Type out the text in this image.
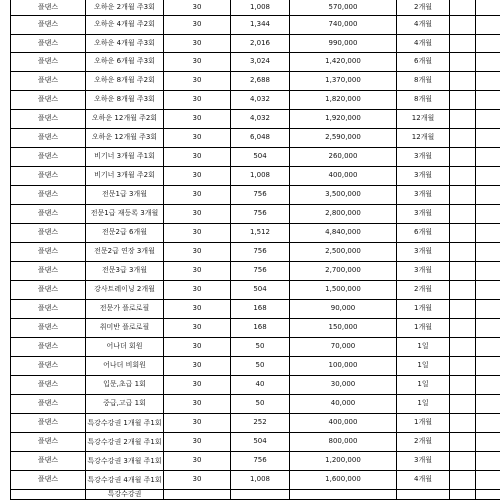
플댄스	오하운 2개월 주3회	30	1,008	570,000	2개월		
플댄스	오하운 4개월 주2회	30	1,344	740,000	4개월		
플댄스	오하운 4개월 주3회	30	2,016	990,000	4개월		
플댄스	오하운 6개월 주3회	30	3,024	1,420,000	6개월		
플댄스	오하운 8개월 주2회	30	2,688	1,370,000	8개월		
플댄스	오하운 8개월 주3회	30	4,032	1,820,000	8개월		
플댄스	오하운 12개월 주2회	30	4,032	1,920,000	12개월		
플댄스	오하운 12개월 주3회	30	6,048	2,590,000	12개월		
플댄스	비기너 3개월 주1회	30	504	260,000	3개월		
플댄스	비기너 3개월 주2회	30	1,008	400,000	3개월		
플댄스	전문1급 3개월	30	756	3,500,000	3개월		
플댄스	전문1급 재등록 3개월	30	756	2,800,000	3개월		
플댄스	전문2급 6개월	30	1,512	4,840,000	6개월		
플댄스	전문2급 연장 3개월	30	756	2,500,000	3개월		
플댄스	전문3급 3개월	30	756	2,700,000	3개월		
플댄스	강사트레이닝 2개월	30	504	1,500,000	2개월		
플댄스	전문가 플로로필	30	168	90,000	1개월		
플댄스	취미반 플로로필	30	168	150,000	1개월		
플댄스	어나더 회원	30	50	70,000	1일		
플댄스	어나더 비회원	30	50	100,000	1일		
플댄스	입문,초급 1회	30	40	30,000	1일		
플댄스	중급,고급 1회	30	50	40,000	1일		
플댄스	특강수강권 1개월 주1회	30	252	400,000	1개월		
플댄스	특강수강권 2개월 주1회	30	504	800,000	2개월		
플댄스	특강수강권 3개월 주1회	30	756	1,200,000	3개월		
플댄스	특강수강권 4개월 주1회	30	1,008	1,600,000	4개월		
	특강수강권						
